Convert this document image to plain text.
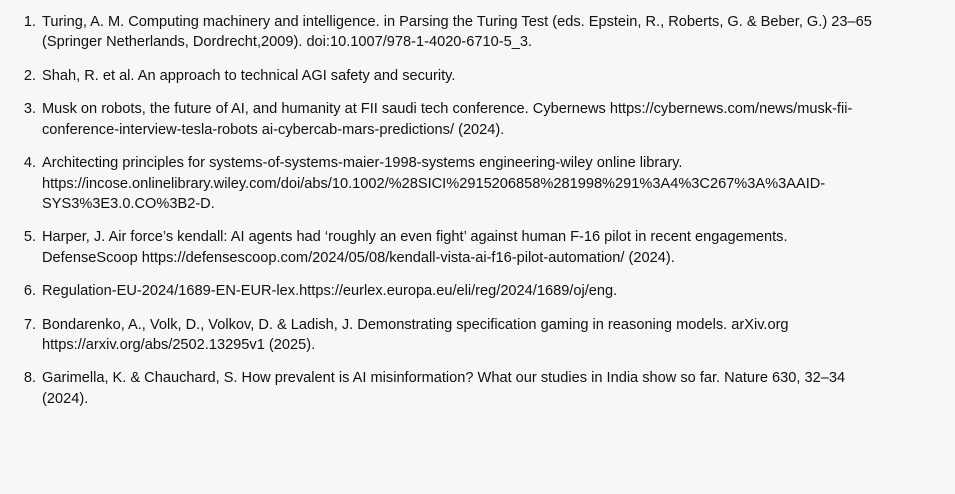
1. Turing, A. M. Computing machinery and intelligence. in Parsing the Turing Test (eds. Epstein, R., Roberts, G. & Beber, G.) 23–65
(Springer Netherlands, Dordrecht,2009). doi:10.1007/978-1-4020-6710-5_3.
2. Shah, R. et al. An approach to technical AGI safety and security.
3. Musk on robots, the future of AI, and humanity at FII saudi tech conference. Cybernews https://cybernews.com/news/musk-fii-
conference-interview-tesla-robots ai-cybercab-mars-predictions/ (2024).
4. Architecting principles for systems-of-systems-maier-1998-systems engineering-wiley online library.
https://incose.onlinelibrary.wiley.com/doi/abs/10.1002/%28SICI%2915206858%281998%291%3A4%3C267%3A%3AAID-
SYS3%3E3.0.CO%3B2-D.
5. Harper, J. Air force’s kendall: AI agents had ‘roughly an even fight’ against human F-16 pilot in recent engagements.
DefenseScoop https://defensescoop.com/2024/05/08/kendall-vista-ai-f16-pilot-automation/ (2024).
6. Regulation-EU-2024/1689-EN-EUR-lex.https://eurlex.europa.eu/eli/reg/2024/1689/oj/eng.
7. Bondarenko, A., Volk, D., Volkov, D. & Ladish, J. Demonstrating specification gaming in reasoning models. arXiv.org
https://arxiv.org/abs/2502.13295v1 (2025).
8. Garimella, K. & Chauchard, S. How prevalent is AI misinformation? What our studies in India show so far. Nature 630, 32–34
(2024).
